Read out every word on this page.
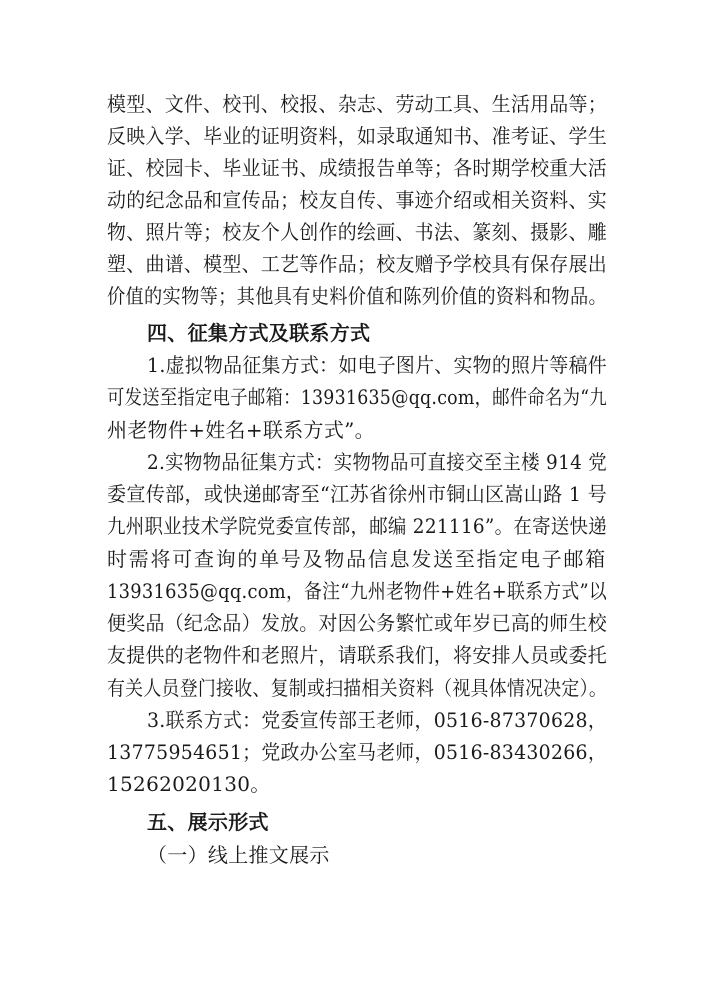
模型、文件、校刊、校报、杂志、劳动工具、生活用品等；
反映入学、毕业的证明资料，如录取通知书、准考证、学生
证、校园卡、毕业证书、成绩报告单等；各时期学校重大活
动的纪念品和宣传品；校友自传、事迹介绍或相关资料、实
物、照片等；校友个人创作的绘画、书法、篆刻、摄影、雕
塑、曲谱、模型、工艺等作品；校友赠予学校具有保存展出
价值的实物等；其他具有史料价值和陈列价值的资料和物品。
四、征集方式及联系方式
1.虚拟物品征集方式：如电子图片、实物的照片等稿件
可发送至指定电子邮箱：13931635@qq.com，邮件命名为“九
州老物件+姓名+联系方式”。
2.实物物品征集方式：实物物品可直接交至主楼 914 党
委宣传部，或快递邮寄至“江苏省徐州市铜山区嵩山路 1 号
九州职业技术学院党委宣传部，邮编 221116”。在寄送快递
时需将可查询的单号及物品信息发送至指定电子邮箱
13931635@qq.com，备注“九州老物件+姓名+联系方式”以
便奖品（纪念品）发放。对因公务繁忙或年岁已高的师生校
友提供的老物件和老照片，请联系我们，将安排人员或委托
有关人员登门接收、复制或扫描相关资料（视具体情况决定）。
3.联系方式：党委宣传部王老师，0516-87370628，
13775954651；党政办公室马老师，0516-83430266，
15262020130。
五、展示形式
（一）线上推文展示
